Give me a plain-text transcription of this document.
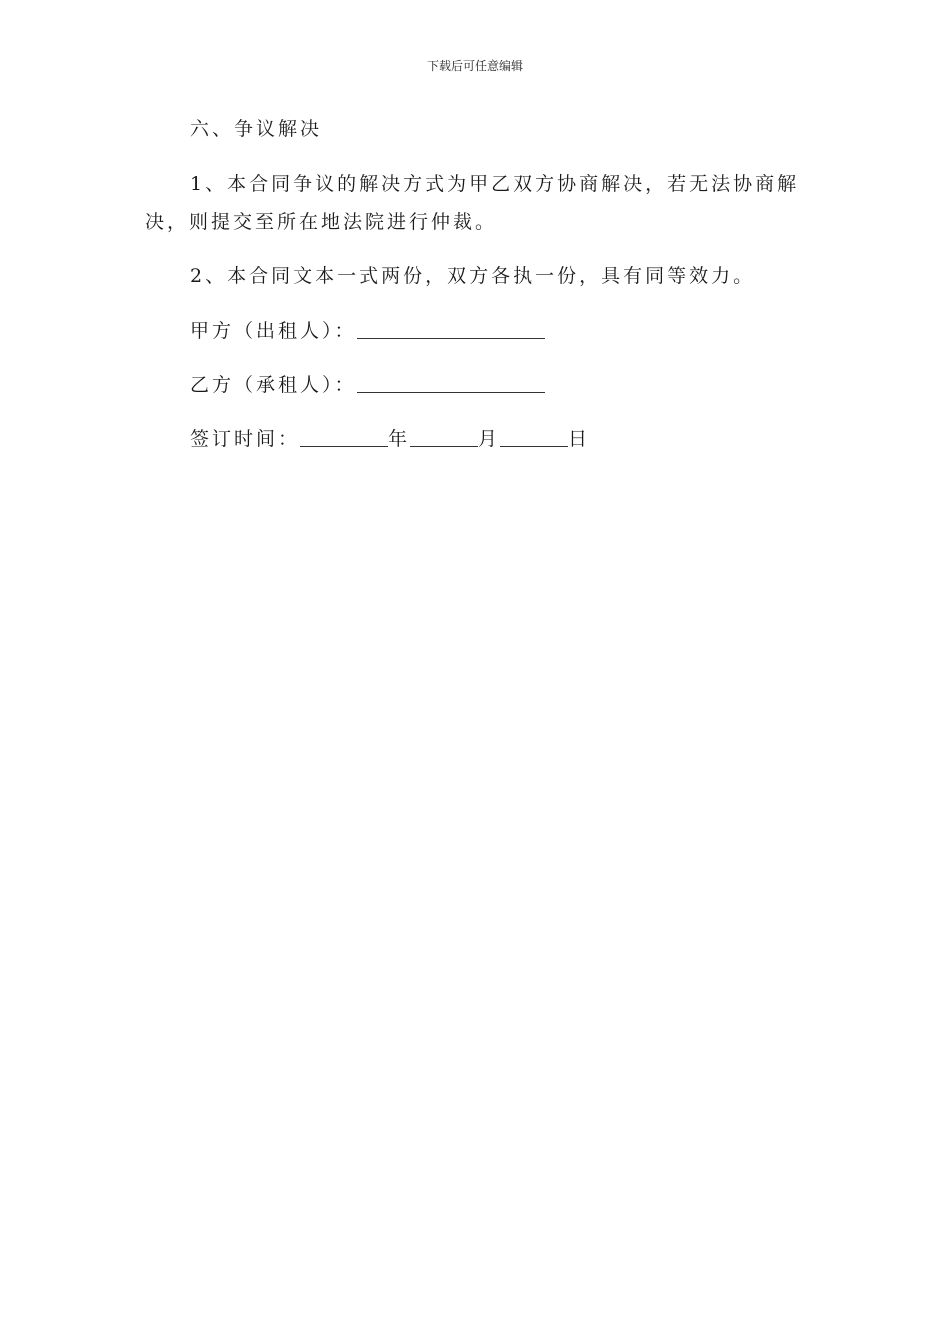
下载后可任意编辑
六、争议解决
1、本合同争议的解决方式为甲乙双方协商解决，若无法协商解
决，则提交至所在地法院进行仲裁。
2、本合同文本一式两份，双方各执一份，具有同等效力。
甲方（出租人）：
乙方（承租人）：
签订时间：	年	月	日
